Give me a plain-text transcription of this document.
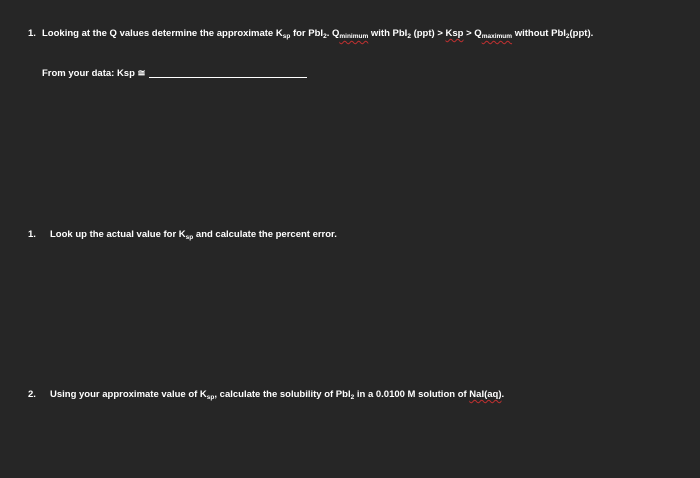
1. Looking at the Q values determine the approximate $K_{sp}$ for PbI$_2$. $Q_{minimum}$ with PbI$_2$ (ppt) > Ksp > $Q_{maximum}$ without PbI$_2$(ppt).
From your data: Ksp ≅
1. Look up the actual value for $K_{sp}$ and calculate the percent error.
2. Using your approximate value of $K_{sp}$, calculate the solubility of PbI$_2$ in a 0.0100 M solution of NaI(aq).
